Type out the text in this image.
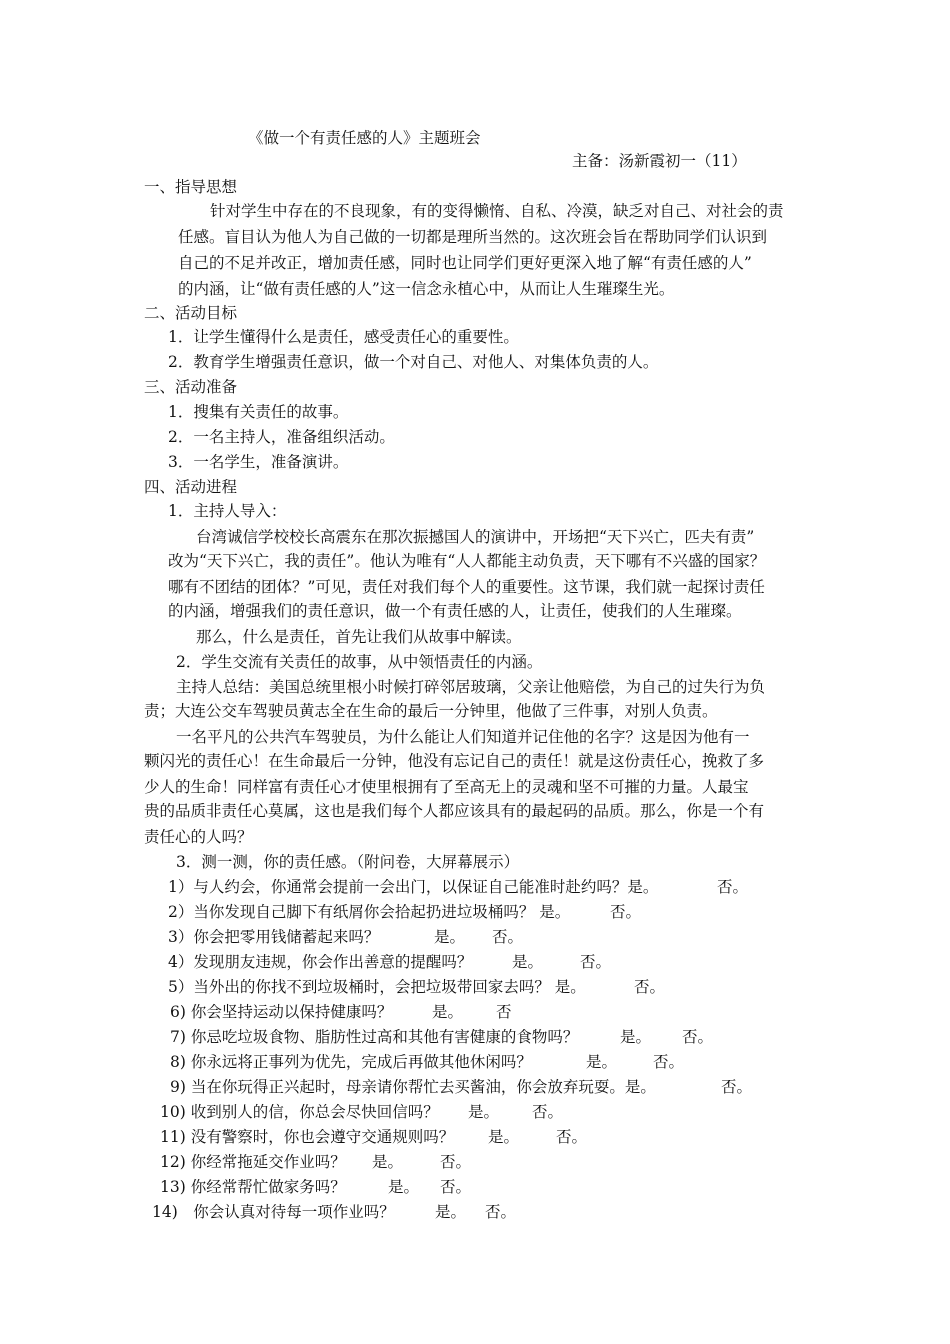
《做一个有责任感的人》主题班会
主备：汤新霞初一（11）
一、指导思想
针对学生中存在的不良现象，有的变得懒惰、自私、冷漠，缺乏对自己、对社会的责
任感。盲目认为他人为自己做的一切都是理所当然的。这次班会旨在帮助同学们认识到
自己的不足并改正，增加责任感，同时也让同学们更好更深入地了解“有责任感的人”
的内涵，让“做有责任感的人”这一信念永植心中，从而让人生璀璨生光。
二、活动目标
1．让学生懂得什么是责任，感受责任心的重要性。
2．教育学生增强责任意识，做一个对自己、对他人、对集体负责的人。
三、活动准备
1．搜集有关责任的故事。
2．一名主持人，准备组织活动。
3．一名学生，准备演讲。
四、活动进程
1．主持人导入：
台湾诚信学校校长高震东在那次振撼国人的演讲中，开场把“天下兴亡，匹夫有责”
改为“天下兴亡，我的责任”。他认为唯有“人人都能主动负责，天下哪有不兴盛的国家？
哪有不团结的团体？”可见，责任对我们每个人的重要性。这节课，我们就一起探讨责任
的内涵，增强我们的责任意识，做一个有责任感的人，让责任，使我们的人生璀璨。
那么，什么是责任，首先让我们从故事中解读。
2．学生交流有关责任的故事，从中领悟责任的内涵。
主持人总结：美国总统里根小时候打碎邻居玻璃，父亲让他赔偿，为自己的过失行为负
责；大连公交车驾驶员黄志全在生命的最后一分钟里，他做了三件事，对别人负责。
一名平凡的公共汽车驾驶员，为什么能让人们知道并记住他的名字？这是因为他有一
颗闪光的责任心！在生命最后一分钟，他没有忘记自己的责任！就是这份责任心，挽救了多
少人的生命！同样富有责任心才使里根拥有了至高无上的灵魂和坚不可摧的力量。人最宝
贵的品质非责任心莫属，这也是我们每个人都应该具有的最起码的品质。那么，你是一个有
责任心的人吗？
3．测一测，你的责任感。（附问卷，大屏幕展示）
1）与人约会，你通常会提前一会出门，以保证自己能准时赴约吗？是。	否。
2）当你发现自己脚下有纸屑你会拾起扔进垃圾桶吗？ 是。	否。
3）你会把零用钱储蓄起来吗？	是。 否。
4）发现朋友违规，你会作出善意的提醒吗？	是。 否。
5）当外出的你找不到垃圾桶时，会把垃圾带回家去吗？ 是。	否。
6) 你会坚持运动以保持健康吗？	是。 否
7) 你忌吃垃圾食物、脂肪性过高和其他有害健康的食物吗？	是。 否。
8) 你永远将正事列为优先，完成后再做其他休闲吗？	是。 否。
9) 当在你玩得正兴起时，母亲请你帮忙去买酱油，你会放弃玩耍。是。	否。
10) 收到别人的信，你总会尽快回信吗？ 是。 否。
11) 没有警察时，你也会遵守交通规则吗？ 是。 否。
12) 你经常拖延交作业吗？ 是。 否。
13) 你经常帮忙做家务吗？	是。 否。
14)　你会认真对待每一项作业吗？	是。 否。
